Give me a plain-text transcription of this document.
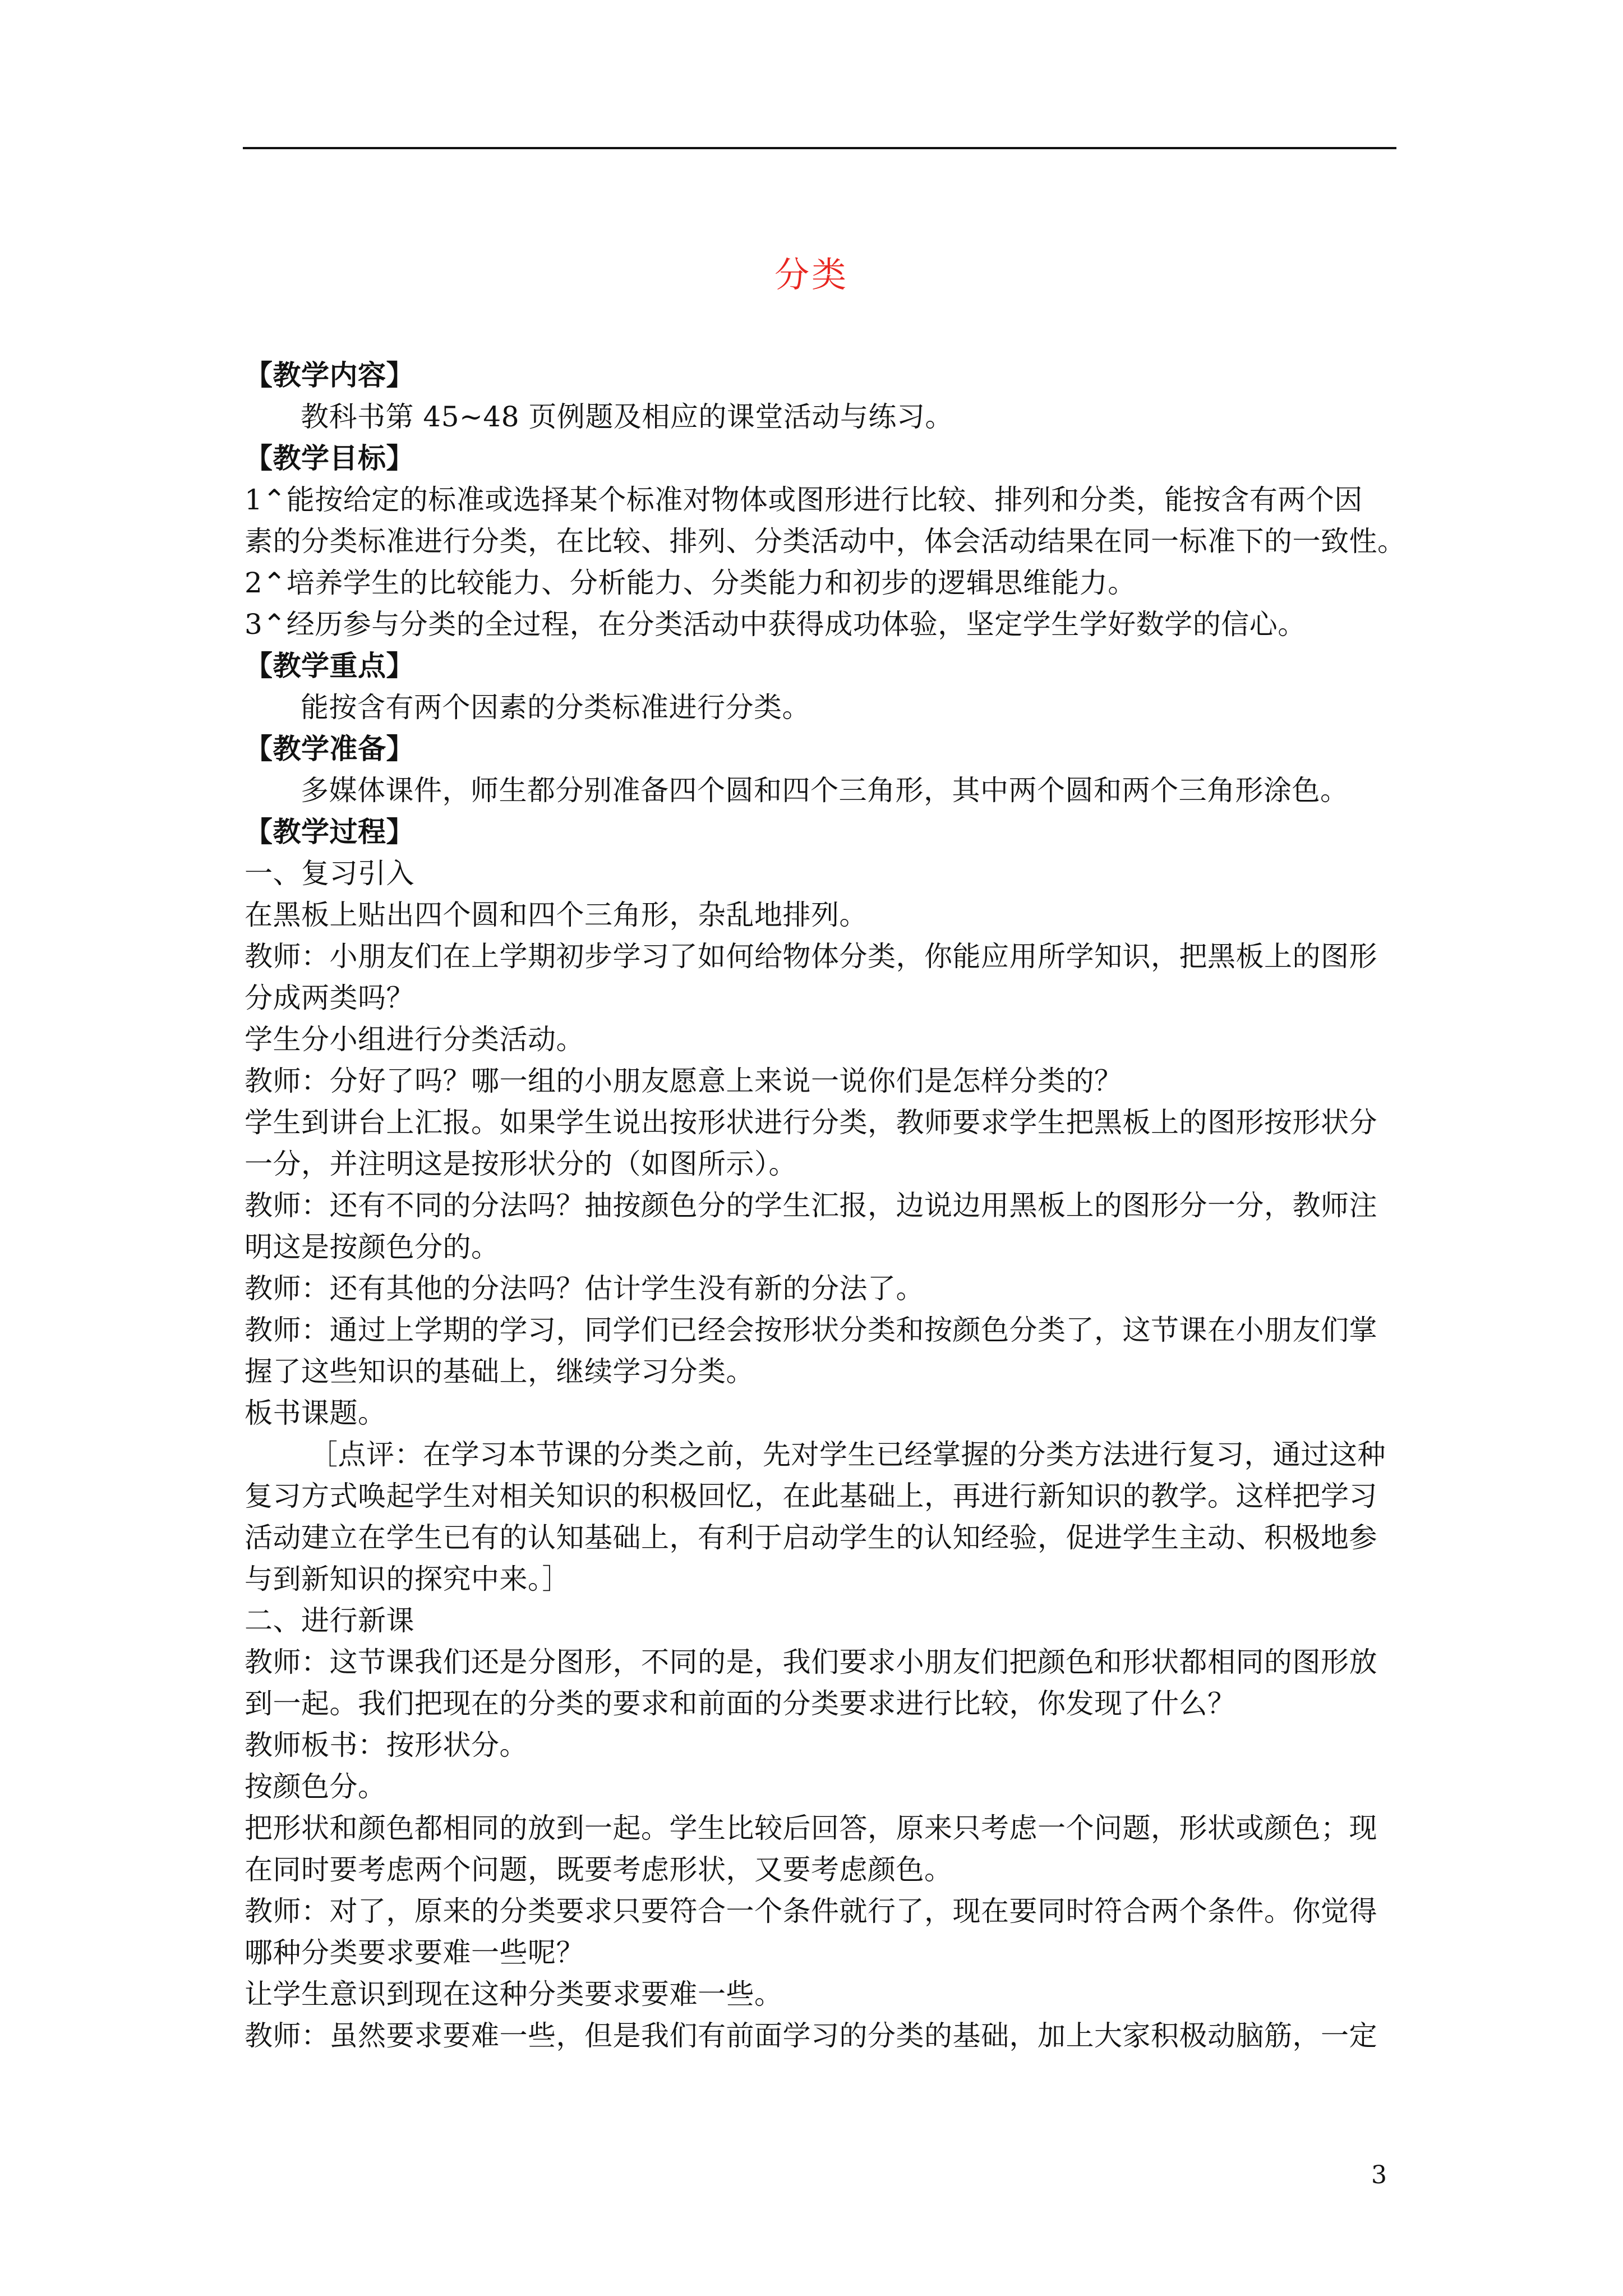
分类

【教学内容】

教科书第 45~48 页例题及相应的课堂活动与练习。

【教学目标】

1⌃能按给定的标准或选择某个标准对物体或图形进行比较、排列和分类，能按含有两个因

素的分类标准进行分类，在比较、排列、分类活动中，体会活动结果在同一标准下的一致性。

2⌃培养学生的比较能力、分析能力、分类能力和初步的逻辑思维能力。

3⌃经历参与分类的全过程，在分类活动中获得成功体验，坚定学生学好数学的信心。

【教学重点】

能按含有两个因素的分类标准进行分类。

【教学准备】

多媒体课件，师生都分别准备四个圆和四个三角形，其中两个圆和两个三角形涂色。

【教学过程】

一、复习引入

在黑板上贴出四个圆和四个三角形，杂乱地排列。

教师：小朋友们在上学期初步学习了如何给物体分类，你能应用所学知识，把黑板上的图形

分成两类吗？

学生分小组进行分类活动。

教师：分好了吗？哪一组的小朋友愿意上来说一说你们是怎样分类的？

学生到讲台上汇报。如果学生说出按形状进行分类，教师要求学生把黑板上的图形按形状分

一分，并注明这是按形状分的（如图所示）。

教师：还有不同的分法吗？抽按颜色分的学生汇报，边说边用黑板上的图形分一分，教师注

明这是按颜色分的。

教师：还有其他的分法吗？估计学生没有新的分法了。

教师：通过上学期的学习，同学们已经会按形状分类和按颜色分类了，这节课在小朋友们掌

握了这些知识的基础上，继续学习分类。

板书课题。

［点评：在学习本节课的分类之前，先对学生已经掌握的分类方法进行复习，通过这种

复习方式唤起学生对相关知识的积极回忆，在此基础上，再进行新知识的教学。这样把学习

活动建立在学生已有的认知基础上，有利于启动学生的认知经验，促进学生主动、积极地参

与到新知识的探究中来。］

二、进行新课

教师：这节课我们还是分图形，不同的是，我们要求小朋友们把颜色和形状都相同的图形放

到一起。我们把现在的分类的要求和前面的分类要求进行比较，你发现了什么？

教师板书：按形状分。

按颜色分。

把形状和颜色都相同的放到一起。学生比较后回答，原来只考虑一个问题，形状或颜色；现

在同时要考虑两个问题，既要考虑形状，又要考虑颜色。

教师：对了，原来的分类要求只要符合一个条件就行了，现在要同时符合两个条件。你觉得

哪种分类要求要难一些呢？

让学生意识到现在这种分类要求要难一些。

教师：虽然要求要难一些，但是我们有前面学习的分类的基础，加上大家积极动脑筋，一定

3
